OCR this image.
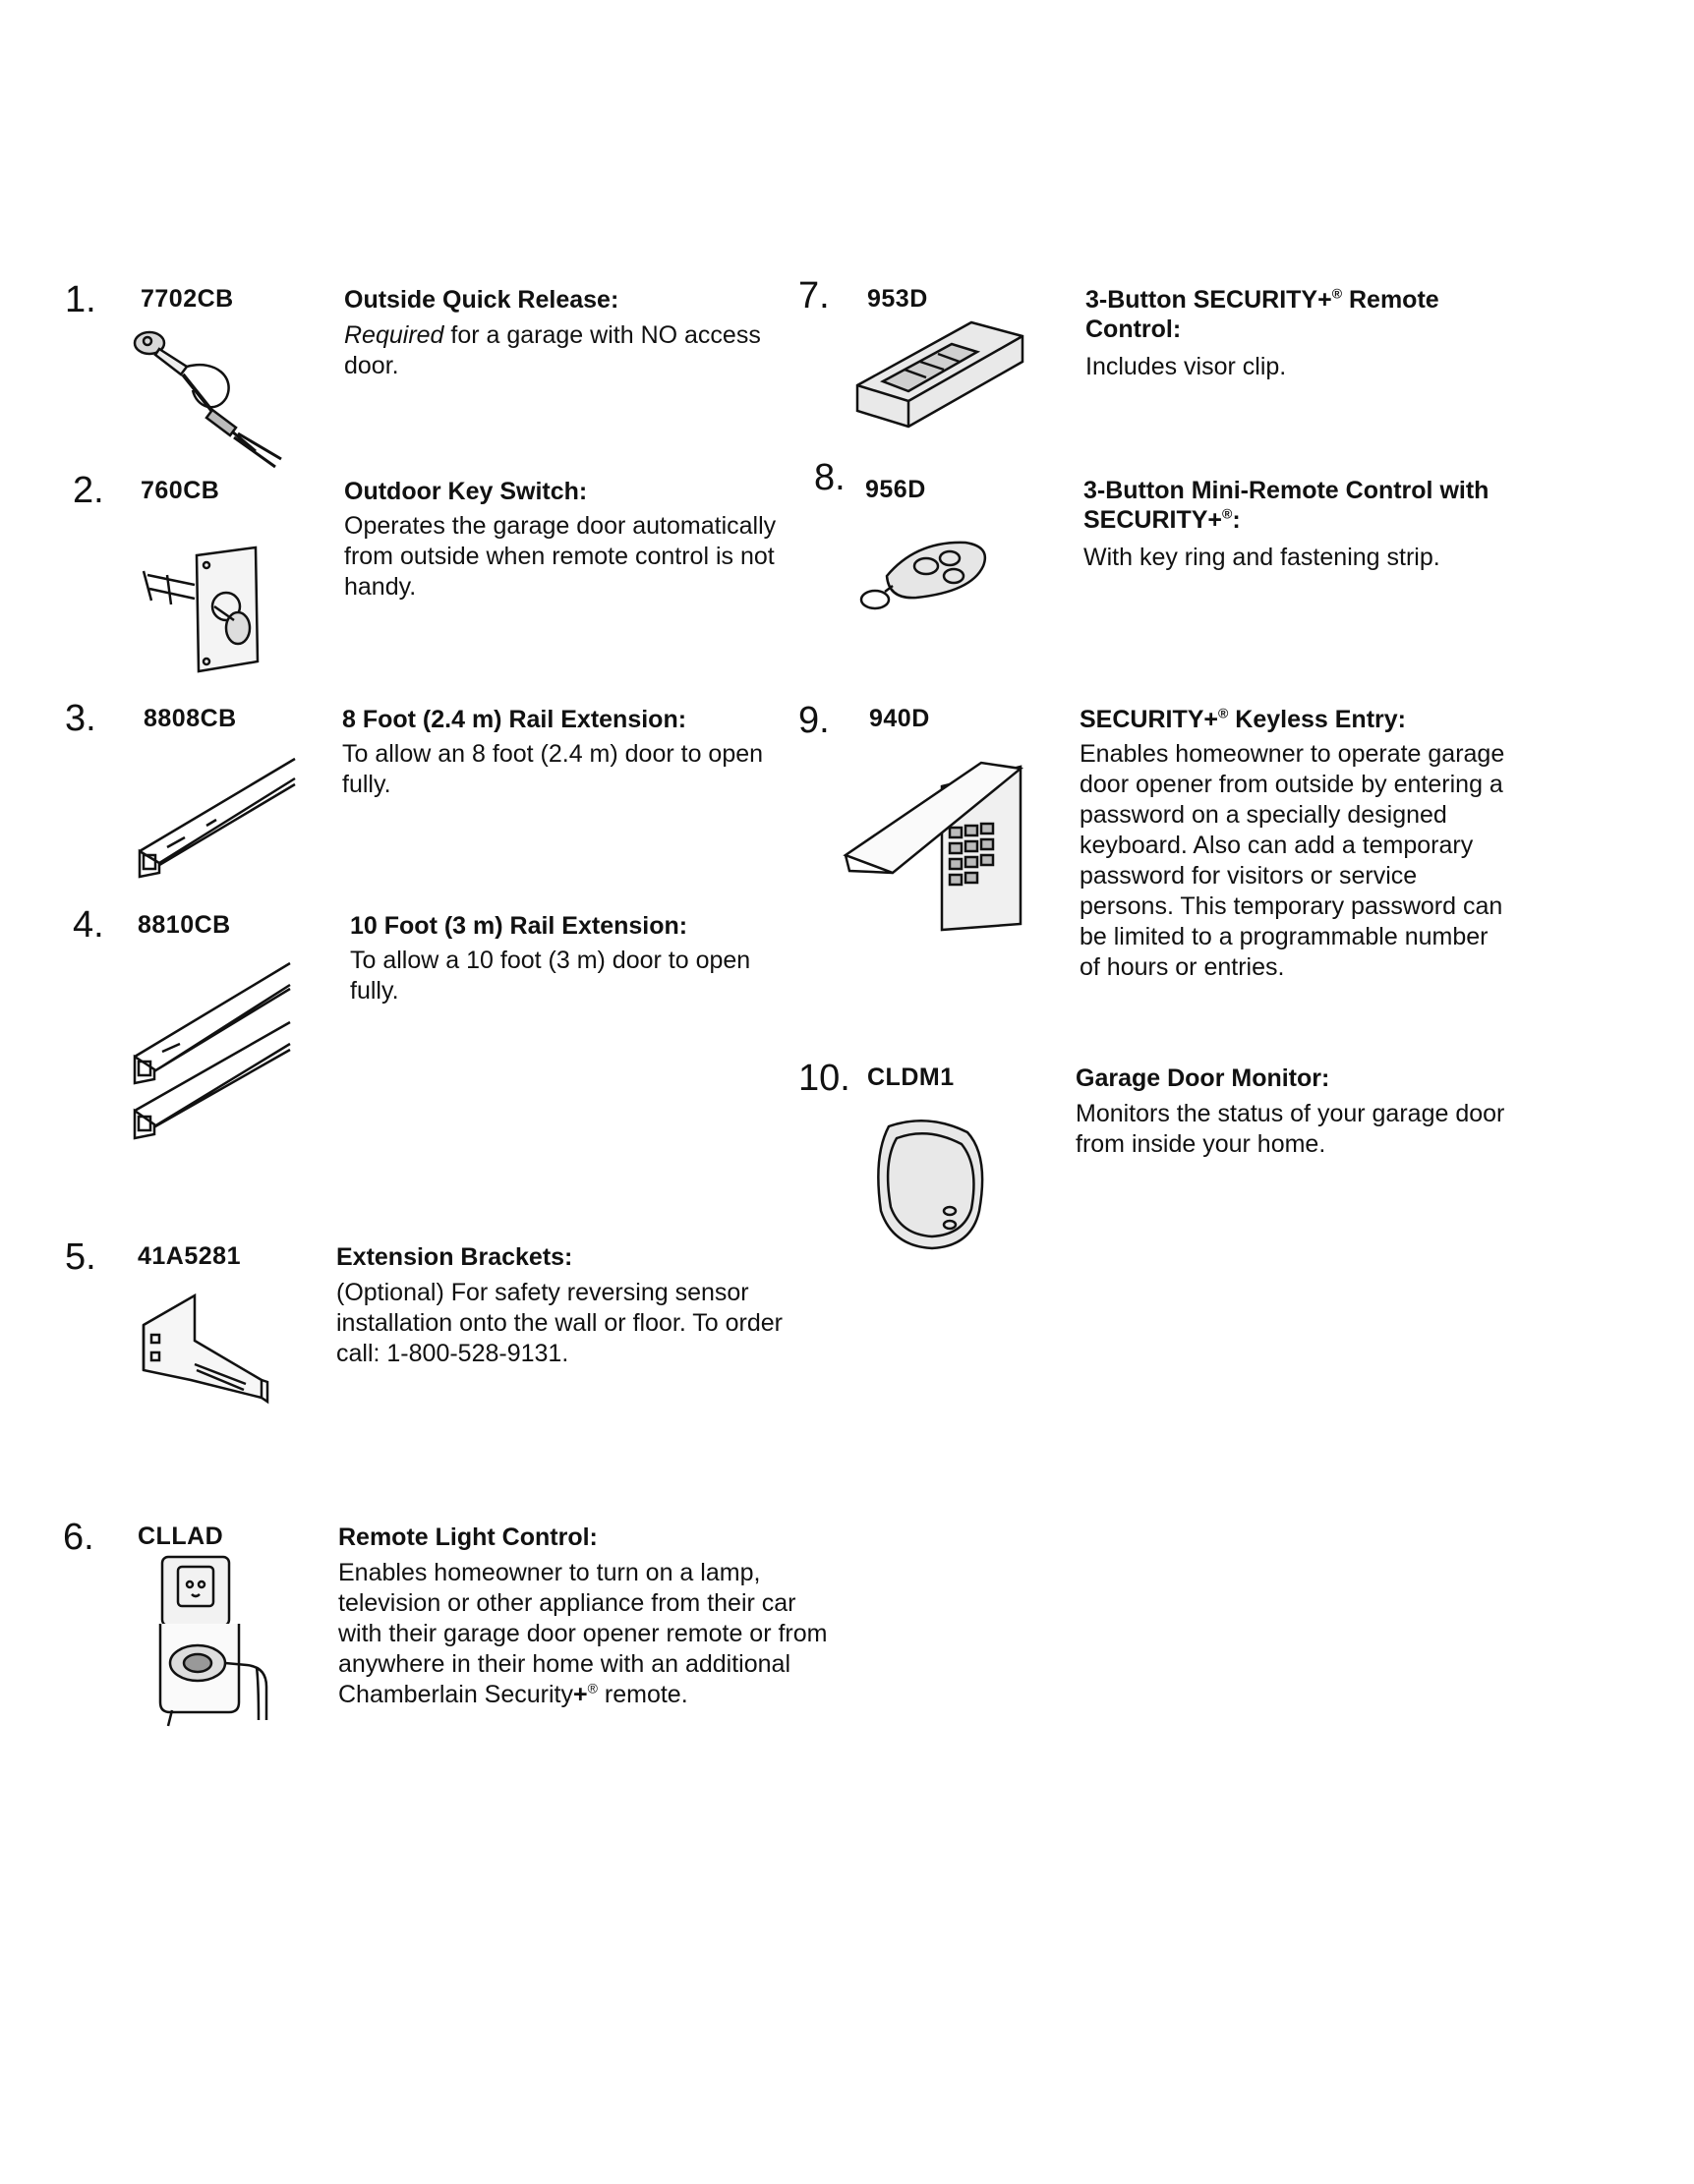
1. 7702CB	Outside Quick Release:
Required for a garage with NO access door.
2. 760CB	Outdoor Key Switch:
Operates the garage door automatically from outside when remote control is not handy.
3. 8808CB	8 Foot (2.4 m) Rail Extension:
To allow an 8 foot (2.4 m) door to open fully.
4. 8810CB	10 Foot (3 m) Rail Extension:
To allow a 10 foot (3 m) door to open fully.
5. 41A5281	Extension Brackets:
(Optional) For safety reversing sensor installation onto the wall or floor. To order call: 1-800-528-9131.
6. CLLAD	Remote Light Control:
Enables homeowner to turn on a lamp, television or other appliance from their car with their garage door opener remote or from anywhere in their home with an additional Chamberlain Security+® remote.
7. 953D	3-Button SECURITY+® Remote Control:
Includes visor clip.
8. 956D	3-Button Mini-Remote Control with SECURITY+®:
With key ring and fastening strip.
9. 940D	SECURITY+® Keyless Entry:
Enables homeowner to operate garage door opener from outside by entering a password on a specially designed keyboard. Also can add a temporary password for visitors or service persons. This temporary password can be limited to a programmable number of hours or entries.
10. CLDM1	Garage Door Monitor:
Monitors the status of your garage door from inside your home.
